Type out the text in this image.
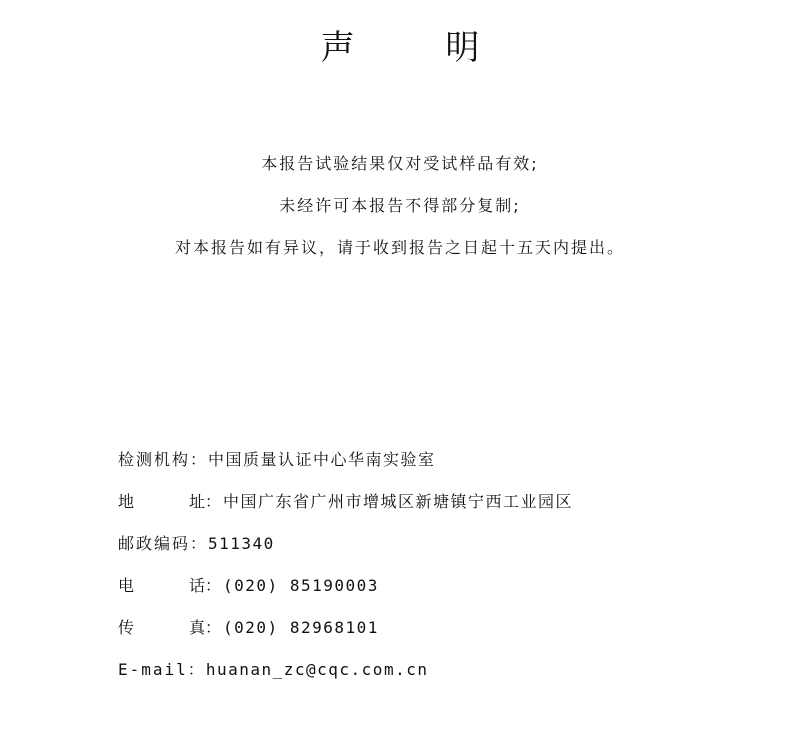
声 明
本报告试验结果仅对受试样品有效;
未经许可本报告不得部分复制;
对本报告如有异议，请于收到报告之日起十五天内提出。
检测机构： 中国质量认证中心华南实验室
地址 ： 中国广东省广州市增城区新塘镇宁西工业园区
邮政编码： 511340
电话 ： (020) 85190003
传真 ： (020) 82968101
E-mail： huanan_zc@cqc.com.cn
